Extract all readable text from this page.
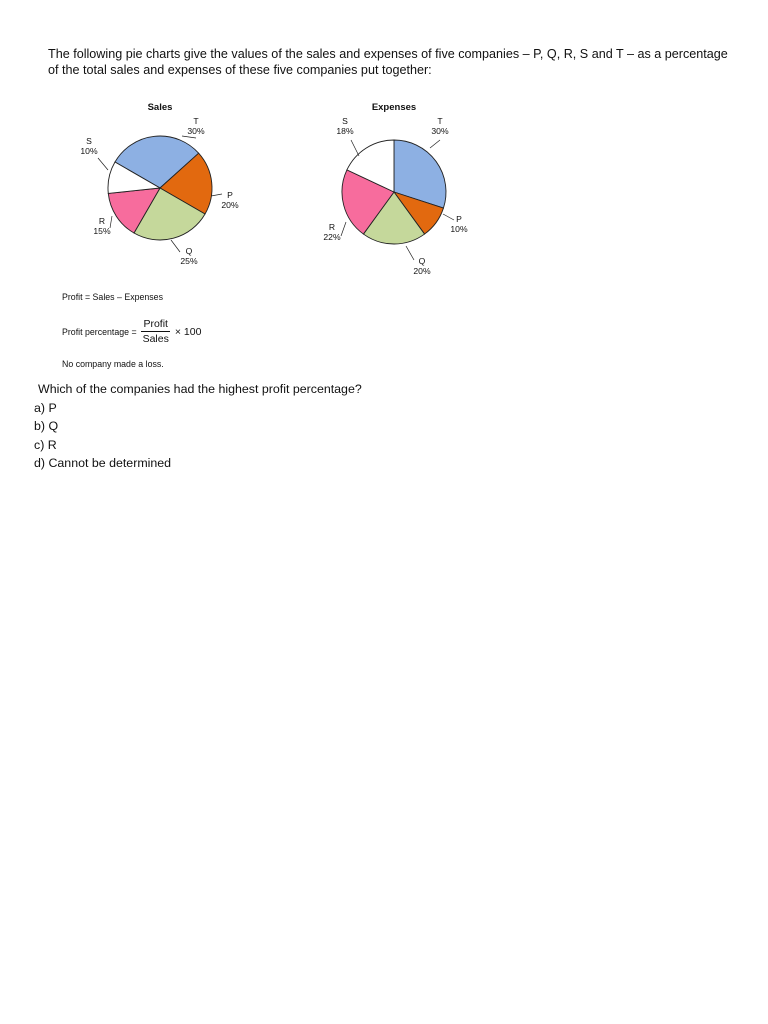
The following pie charts give the values of the sales and expenses of five companies – P, Q, R, S and T – as a percentage
of the total sales and expenses of these five companies put together:
Sales
T
30%
P
20%
Q
25%
R
15%
S
10%
Expenses
T
30%
P
10%
Q
20%
R
22%
S
18%
Profit = Sales – Expenses
Profit percentage = $\frac{\text{Profit}}{\text{Sales}} \times 100$
No company made a loss.
Which of the companies had the highest profit percentage?
a) P
b) Q
c) R
d) Cannot be determined
